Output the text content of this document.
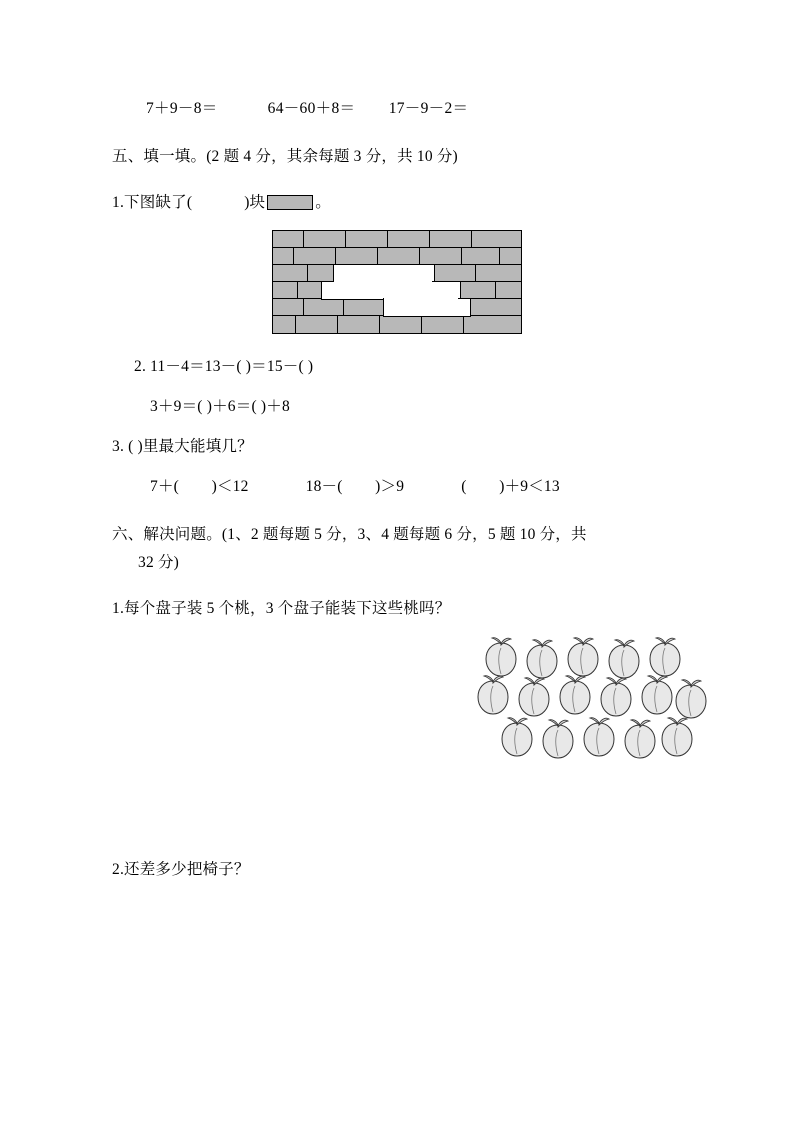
7＋9－8＝            64－60＋8＝        17－9－2＝
五、填一填。(2 题 4 分，其余每题 3 分，共 10 分)
1.下图缺了(	)块	。
2. 11－4＝13－( )＝15－( )
3＋9＝( )＋6＝( )＋8
3. ( )里最大能填几？
7＋(        )＜12              18－(        )＞9              (        )＋9＜13
六、解决问题。(1、2 题每题 5 分，3、4 题每题 6 分，5 题 10 分，共
32 分)
1.每个盘子装 5 个桃，3 个盘子能装下这些桃吗？
2.还差多少把椅子？
